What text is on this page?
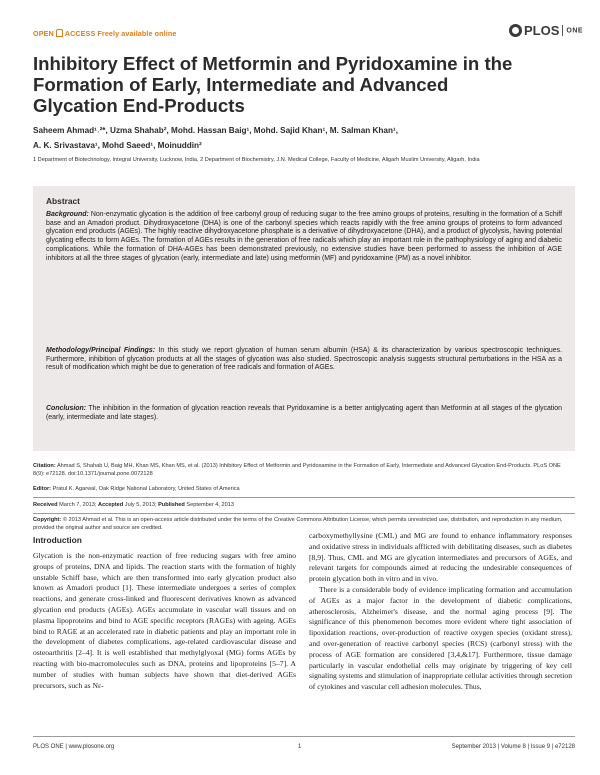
OPEN ACCESS Freely available online	PLOS ONE
Inhibitory Effect of Metformin and Pyridoxamine in the
Formation of Early, Intermediate and Advanced
Glycation End-Products
Saheem Ahmad¹˒²*, Uzma Shahab², Mohd. Hassan Baig¹, Mohd. Sajid Khan¹, M. Salman Khan¹,
A. K. Srivastava¹, Mohd Saeed¹, Moinuddin²
1 Department of Biotechnology, Integral University, Lucknow, India, 2 Department of Biochemistry, J.N. Medical College, Faculty of Medicine, Aligarh Muslim University, Aligarh, India
Abstract
Background: Non-enzymatic glycation is the addition of free carbonyl group of reducing sugar to the free amino groups of proteins, resulting in the formation of a Schiff base and an Amadori product. Dihydroxyacetone (DHA) is one of the carbonyl species which reacts rapidly with the free amino groups of proteins to form advanced glycation end products (AGEs). The highly reactive dihydroxyacetone phosphate is a derivative of dihydroxyacetone (DHA), and a product of glycolysis, having potential glycating effects to form AGEs. The formation of AGEs results in the generation of free radicals which play an important role in the pathophysiology of aging and diabetic complications. While the formation of DHA-AGEs has been demonstrated previously, no extensive studies have been performed to assess the inhibition of AGE inhibitors at all the three stages of glycation (early, intermediate and late) using metformin (MF) and pyridoxamine (PM) as a novel inhibitor.
Methodology/Principal Findings: In this study we report glycation of human serum albumin (HSA) & its characterization by various spectroscopic techniques. Furthermore, inhibition of glycation products at all the stages of glycation was also studied. Spectroscopic analysis suggests structural perturbations in the HSA as a result of modification which might be due to generation of free radicals and formation of AGEs.
Conclusion: The inhibition in the formation of glycation reaction reveals that Pyridoxamine is a better antiglycating agent than Metformin at all stages of the glycation (early, intermediate and late stages).
Citation: Ahmad S, Shahab U, Baig MH, Khan MS, Khan MS, et al. (2013) Inhibitory Effect of Metformin and Pyridoxamine in the Formation of Early, Intermediate and Advanced Glycation End-Products. PLoS ONE 8(9): e72128. doi:10.1371/journal.pone.0072128
Editor: Pratul K. Agarwal, Oak Ridge National Laboratory, United States of America
Received March 7, 2013; Accepted July 5, 2013; Published September 4, 2013
Copyright: © 2013 Ahmad et al. This is an open-access article distributed under the terms of the Creative Commons Attribution License, which permits unrestricted use, distribution, and reproduction in any medium, provided the original author and source are credited.
Introduction
Glycation is the non-enzymatic reaction of free reducing sugars with free amino groups of proteins, DNA and lipids. The reaction starts with the formation of highly unstable Schiff base, which are then transformed into early glycation product also known as Amadori product [1]. These intermediate undergoes a series of complex reactions, and generate cross-linked and fluorescent derivatives known as advanced glycation end products (AGEs). AGEs accumulate in vascular wall tissues and on plasma lipoproteins and bind to AGE specific receptors (RAGEs) with ageing. AGEs bind to RAGE at an accelerated rate in diabetic patients and play an important role in the development of diabetes complications, age-related cardiovascular disease and osteoarthritis [2–4]. It is well established that methylglyoxal (MG) forms AGEs by reacting with bio-macromolecules such as DNA, proteins and lipoproteins [5–7]. A number of studies with human subjects have shown that diet-derived AGEs precursors, such as Nε-
carboxymethyllysine (CML) and MG are found to enhance inflammatory responses and oxidative stress in individuals afflicted with debilitating diseases, such as diabetes [8,9]. Thus, CML and MG are glycation intermediates and precursors of AGEs, and relevant targets for compounds aimed at reducing the undesirable consequences of protein glycation both in vitro and in vivo.
There is a considerable body of evidence implicating formation and accumulation of AGEs as a major factor in the development of diabetic complications, atherosclerosis, Alzheimer's disease, and the normal aging process [9]. The significance of this phenomenon becomes more evident where tight association of lipoxidation reactions, over-production of reactive oxygen species (oxidant stress), and over-generation of reactive carbonyl species (RCS) (carbonyl stress) with the process of AGE formation are considered [3,4,&17]. Furthermore, tissue damage particularly in vascular endothelial cells may originate by triggering of key cell signaling systems and stimulation of inappropriate cellular activities through secretion of cytokines and vascular cell adhesion molecules. Thus,
PLOS ONE | www.plosone.org	1	September 2013 | Volume 8 | Issue 9 | e72128
